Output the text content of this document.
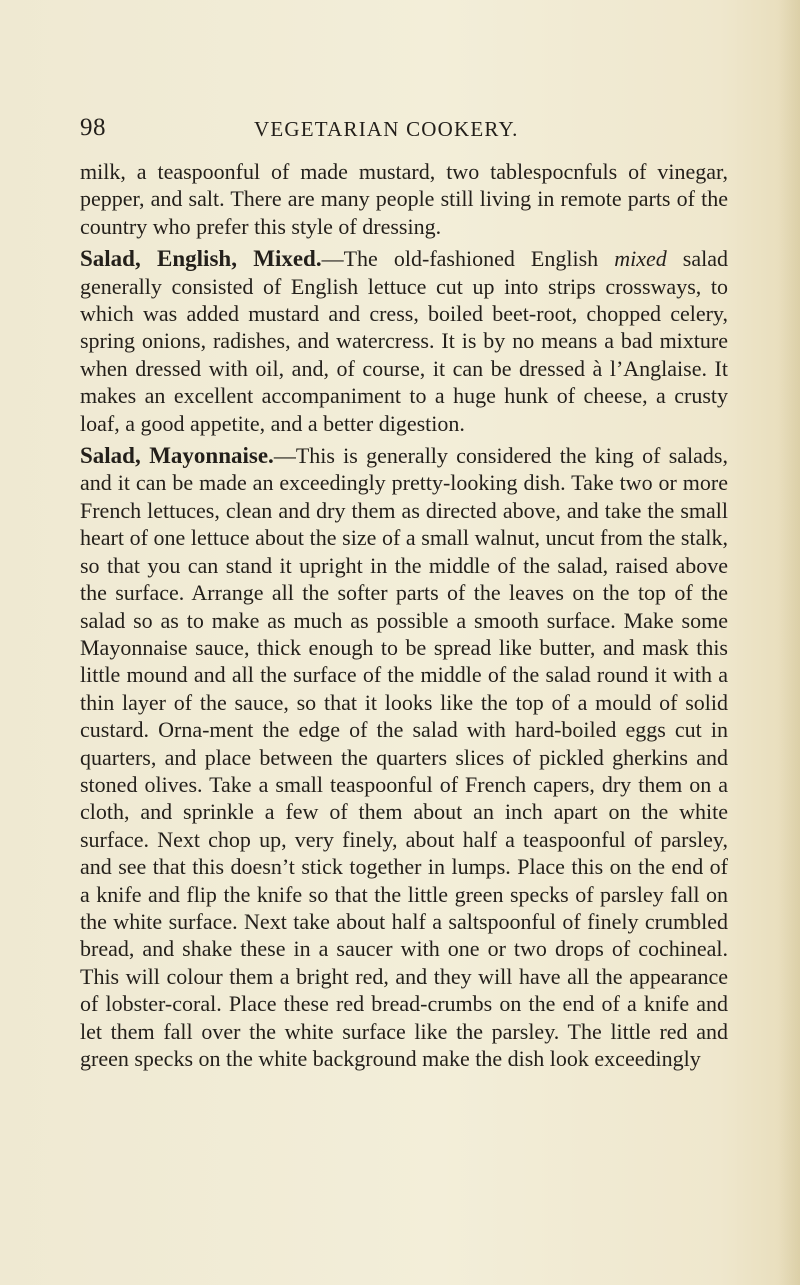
98	VEGETARIAN COOKERY.

milk, a teaspoonful of made mustard, two tablespocnfuls of vinegar, pepper, and salt. There are many people still living in remote parts of the country who prefer this style of dressing.

Salad, English, Mixed.—The old-fashioned English mixed salad generally consisted of English lettuce cut up into strips crossways, to which was added mustard and cress, boiled beet-root, chopped celery, spring onions, radishes, and watercress. It is by no means a bad mixture when dressed with oil, and, of course, it can be dressed à l’Anglaise. It makes an excellent accompaniment to a huge hunk of cheese, a crusty loaf, a good appetite, and a better digestion.

Salad, Mayonnaise.—This is generally considered the king of salads, and it can be made an exceedingly pretty-looking dish. Take two or more French lettuces, clean and dry them as directed above, and take the small heart of one lettuce about the size of a small walnut, uncut from the stalk, so that you can stand it upright in the middle of the salad, raised above the surface. Arrange all the softer parts of the leaves on the top of the salad so as to make as much as possible a smooth surface. Make some Mayonnaise sauce, thick enough to be spread like butter, and mask this little mound and all the surface of the middle of the salad round it with a thin layer of the sauce, so that it looks like the top of a mould of solid custard. Orna-ment the edge of the salad with hard-boiled eggs cut in quarters, and place between the quarters slices of pickled gherkins and stoned olives. Take a small teaspoonful of French capers, dry them on a cloth, and sprinkle a few of them about an inch apart on the white surface. Next chop up, very finely, about half a teaspoonful of parsley, and see that this doesn’t stick together in lumps. Place this on the end of a knife and flip the knife so that the little green specks of parsley fall on the white surface. Next take about half a saltspoonful of finely crumbled bread, and shake these in a saucer with one or two drops of cochineal. This will colour them a bright red, and they will have all the appearance of lobster-coral. Place these red bread-crumbs on the end of a knife and let them fall over the white surface like the parsley. The little red and green specks on the white background make the dish look exceedingly
